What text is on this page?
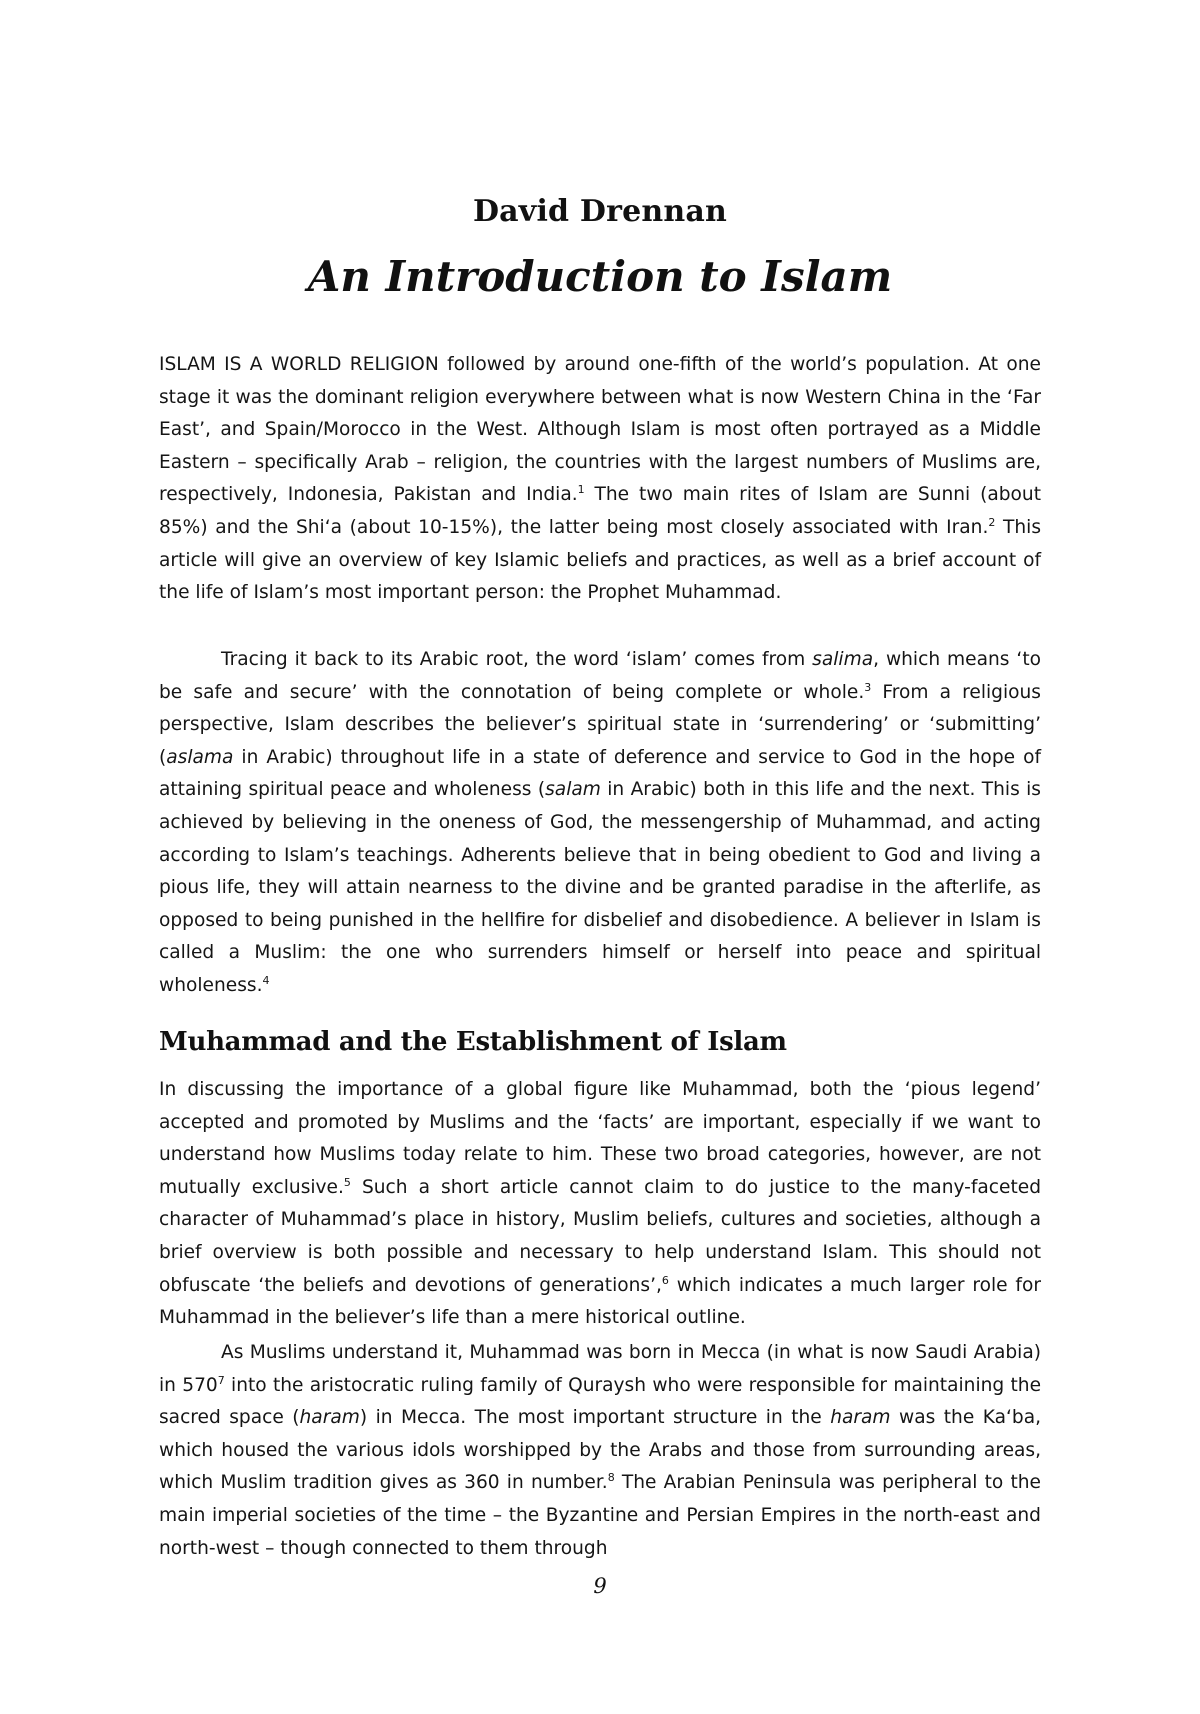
David Drennan
An Introduction to Islam

ISLAM IS A WORLD RELIGION followed by around one-fifth of the world’s population. At one stage it was the dominant religion everywhere between what is now Western China in the ‘Far East’, and Spain/Morocco in the West. Although Islam is most often portrayed as a Middle Eastern – specifically Arab – religion, the countries with the largest numbers of Muslims are, respectively, Indonesia, Pakistan and India.$^1$ The two main rites of Islam are Sunni (about 85%) and the Shi‘a (about 10-15%), the latter being most closely associated with Iran.$^2$ This article will give an overview of key Islamic beliefs and practices, as well as a brief account of the life of Islam’s most important person: the Prophet Muhammad.

Tracing it back to its Arabic root, the word ‘islam’ comes from salima, which means ‘to be safe and secure’ with the connotation of being complete or whole.$^3$ From a religious perspective, Islam describes the believer’s spiritual state in ‘surrendering’ or ‘submitting’ (aslama in Arabic) throughout life in a state of deference and service to God in the hope of attaining spiritual peace and wholeness (salam in Arabic) both in this life and the next. This is achieved by believing in the oneness of God, the messengership of Muhammad, and acting according to Islam’s teachings. Adherents believe that in being obedient to God and living a pious life, they will attain nearness to the divine and be granted paradise in the afterlife, as opposed to being punished in the hellfire for disbelief and disobedience. A believer in Islam is called a Muslim: the one who surrenders himself or herself into peace and spiritual wholeness.$^4$

Muhammad and the Establishment of Islam

In discussing the importance of a global figure like Muhammad, both the ‘pious legend’ accepted and promoted by Muslims and the ‘facts’ are important, especially if we want to understand how Muslims today relate to him. These two broad categories, however, are not mutually exclusive.$^5$ Such a short article cannot claim to do justice to the many-faceted character of Muhammad’s place in history, Muslim beliefs, cultures and societies, although a brief overview is both possible and necessary to help understand Islam. This should not obfuscate ‘the beliefs and devotions of generations’,$^6$ which indicates a much larger role for Muhammad in the believer’s life than a mere historical outline.

As Muslims understand it, Muhammad was born in Mecca (in what is now Saudi Arabia) in $570^7$ into the aristocratic ruling family of Quraysh who were responsible for maintaining the sacred space (haram) in Mecca. The most important structure in the haram was the Ka‘ba, which housed the various idols worshipped by the Arabs and those from surrounding areas, which Muslim tradition gives as 360 in number.$^8$ The Arabian Peninsula was peripheral to the main imperial societies of the time – the Byzantine and Persian Empires in the north-east and north-west – though connected to them through

9
